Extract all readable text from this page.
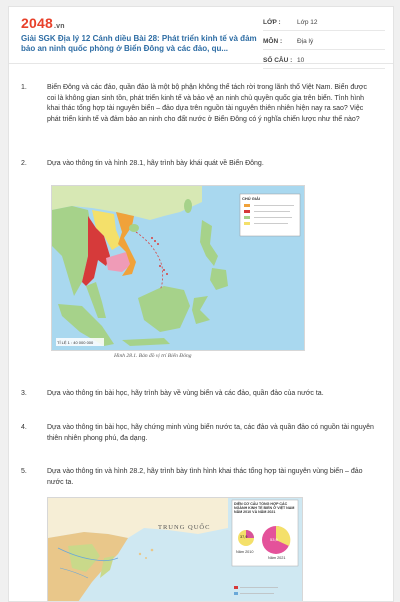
2048.vn
Giải SGK Địa lý 12 Cánh diều Bài 28: Phát triển kinh tế và đảm bảo an ninh quốc phòng ở Biển Đông và các đảo, qu...
LỚP :	Lớp 12
MÔN : Địa lý
SỐ CÂU : 10
1.	Biển Đông và các đảo, quần đảo là một bộ phận không thể tách rời trong lãnh thổ Việt Nam. Biển được coi là không gian sinh tồn, phát triển kinh tế và bảo vệ an ninh chủ quyền quốc gia trên biển. Tình hình khai thác tổng hợp tài nguyên biển – đảo dựa trên nguồn tài nguyên thiên nhiên hiện nay ra sao? Việc phát triển kinh tế và đảm bảo an ninh cho đất nước ở Biển Đông có ý nghĩa chiến lược như thế nào?
2.	Dựa vào thông tin và hình 28.1, hãy trình bày khái quát về Biển Đông.
CHÚ GIẢI
TỈ LỆ 1 : 40 000 000
Hình 28.1. Bản đồ vị trí Biển Đông
3.	Dựa vào thông tin bài học, hãy trình bày về vùng biển và các đảo, quần đảo của nước ta.
4.	Dựa vào thông tin bài học, hãy chứng minh vùng biển nước ta, các đảo và quần đảo có nguồn tài nguyên thiên nhiên phong phú, đa dạng.
5.	Dựa vào thông tin và hình 28.2, hãy trình bày tình hình khai thác tổng hợp tài nguyên vùng biển – đảo nước ta.
TRUNG QUỐC
DIỆN CƠ CẤU TỔNG HỢP CÁC NGÀNH KINH TẾ BIỂN Ở VIỆT NAM NĂM 2010 VÀ NĂM 2021
37,9	53,9
Năm 2010
Năm 2021
